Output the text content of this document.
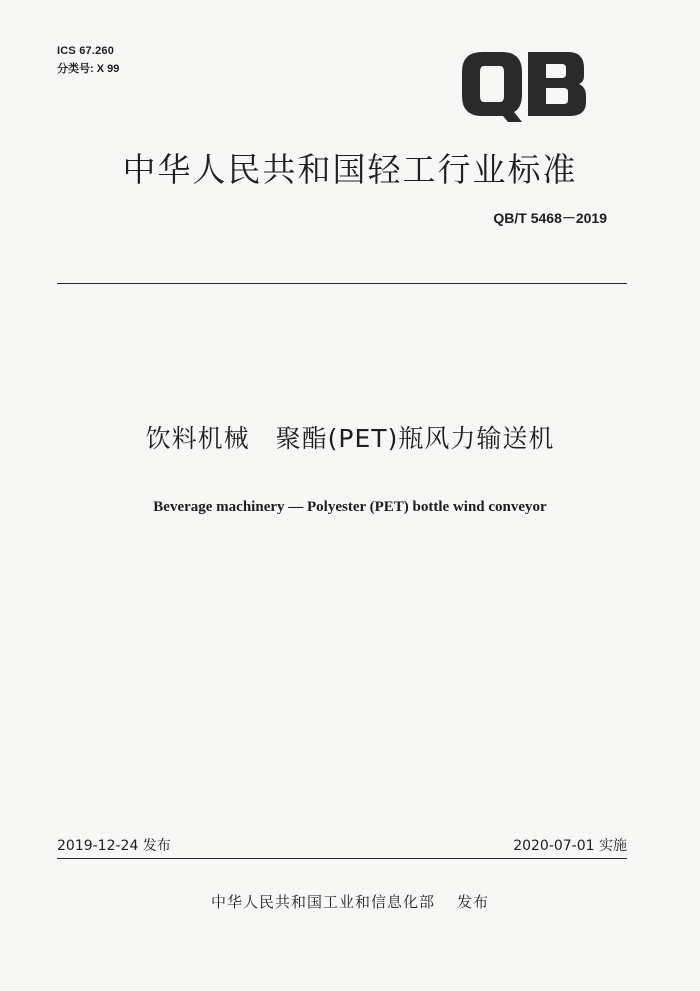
ICS 67.260
分类号: X 99
中华人民共和国轻工行业标准
QB/T 5468－2019
饮料机械　聚酯(PET)瓶风力输送机
Beverage machinery — Polyester (PET) bottle wind conveyor
2019-12-24 发布	2020-07-01 实施
中华人民共和国工业和信息化部 发布
